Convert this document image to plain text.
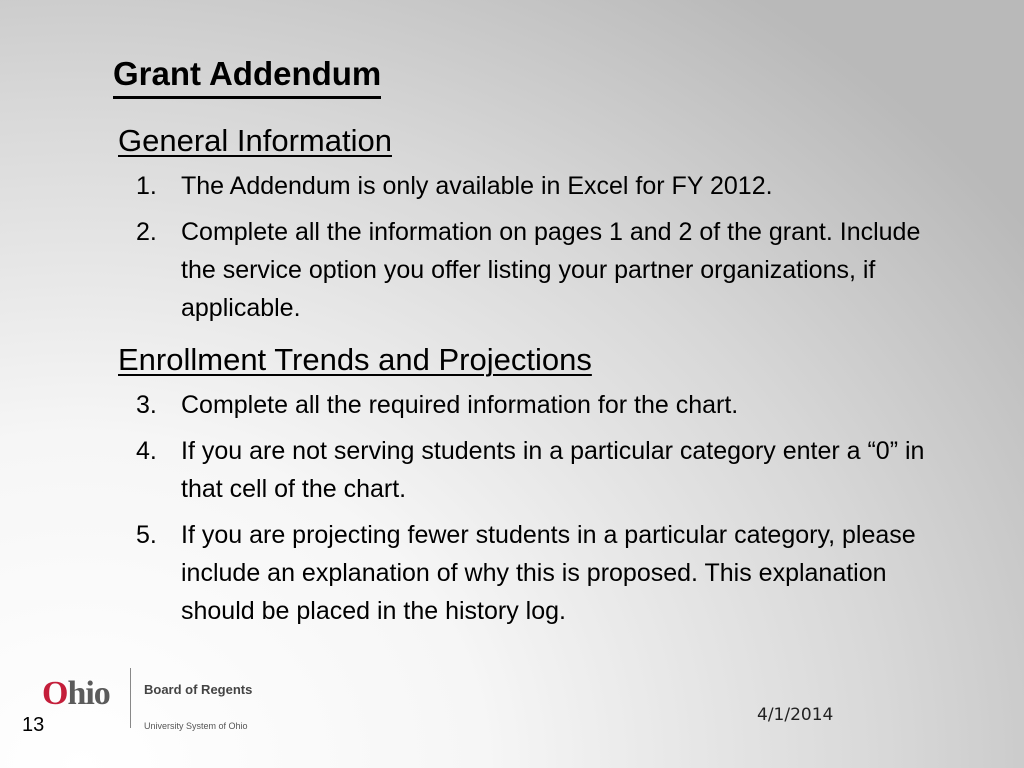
Grant Addendum
General Information
1. The Addendum is only available in Excel for FY 2012.
2. Complete all the information on pages 1 and 2 of the grant. Include the service option you offer listing your partner organizations, if applicable.
Enrollment Trends and Projections
3. Complete all the required information for the chart.
4. If you are not serving students in a particular category enter a “0” in that cell of the chart.
5. If you are projecting fewer students in a particular category, please include an explanation of why this is proposed. This explanation should be placed in the history log.
Ohio	Board of Regents
University System of Ohio
13	4/1/2014
